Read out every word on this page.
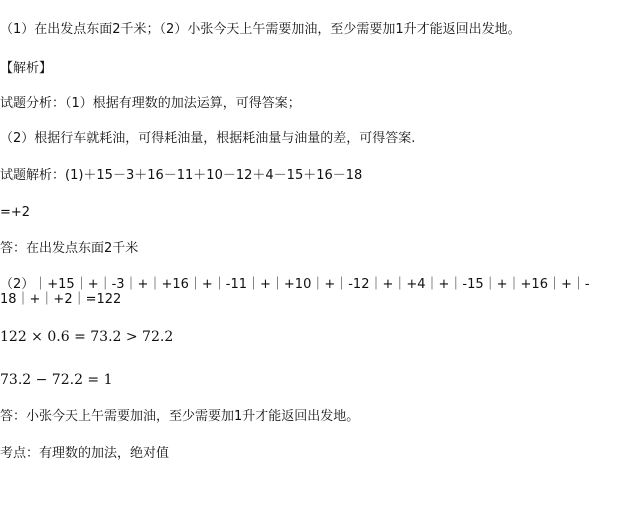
（1）在出发点东面2千米；（2）小张今天上午需要加油，至少需要加1升才能返回出发地。
【解析】
试题分析：（1）根据有理数的加法运算，可得答案；
（2）根据行车就耗油，可得耗油量，根据耗油量与油量的差，可得答案.
试题解析：(1)＋15－3＋16－11＋10－12＋4－15＋16－18
=+2
答：在出发点东面2千米
（2）｜+15｜+｜-3｜+｜+16｜+｜-11｜+｜+10｜+｜-12｜+｜+4｜+｜-15｜+｜+16｜+｜-
18｜+｜+2｜=122
122 × 0.6 = 73.2 > 72.2
73.2 − 72.2 = 1
答：小张今天上午需要加油，至少需要加1升才能返回出发地。
考点：有理数的加法，绝对值
